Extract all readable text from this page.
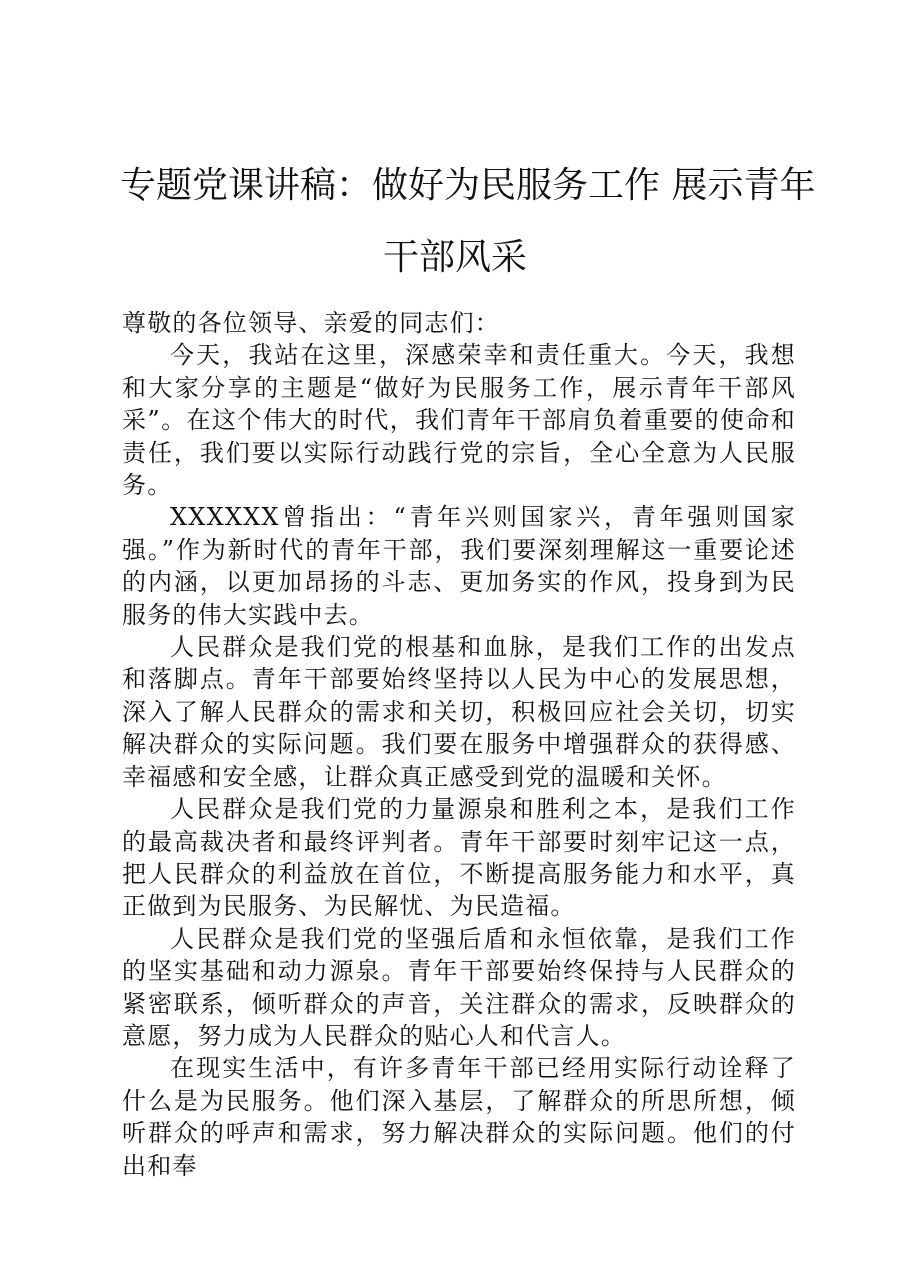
专题党课讲稿：做好为民服务工作 展示青年
干部风采

尊敬的各位领导、亲爱的同志们：

今天，我站在这里，深感荣幸和责任重大。今天，我想和大家分享的主题是“做好为民服务工作，展示青年干部风采”。在这个伟大的时代，我们青年干部肩负着重要的使命和责任，我们要以实际行动践行党的宗旨，全心全意为人民服务。

XXXXXX曾指出：“青年兴则国家兴，青年强则国家强。”作为新时代的青年干部，我们要深刻理解这一重要论述的内涵，以更加昂扬的斗志、更加务实的作风，投身到为民服务的伟大实践中去。

人民群众是我们党的根基和血脉，是我们工作的出发点和落脚点。青年干部要始终坚持以人民为中心的发展思想，深入了解人民群众的需求和关切，积极回应社会关切，切实解决群众的实际问题。我们要在服务中增强群众的获得感、幸福感和安全感，让群众真正感受到党的温暖和关怀。

人民群众是我们党的力量源泉和胜利之本，是我们工作的最高裁决者和最终评判者。青年干部要时刻牢记这一点，把人民群众的利益放在首位，不断提高服务能力和水平，真正做到为民服务、为民解忧、为民造福。

人民群众是我们党的坚强后盾和永恒依靠，是我们工作的坚实基础和动力源泉。青年干部要始终保持与人民群众的紧密联系，倾听群众的声音，关注群众的需求，反映群众的意愿，努力成为人民群众的贴心人和代言人。

在现实生活中，有许多青年干部已经用实际行动诠释了什么是为民服务。他们深入基层，了解群众的所思所想，倾听群众的呼声和需求，努力解决群众的实际问题。他们的付出和奉
